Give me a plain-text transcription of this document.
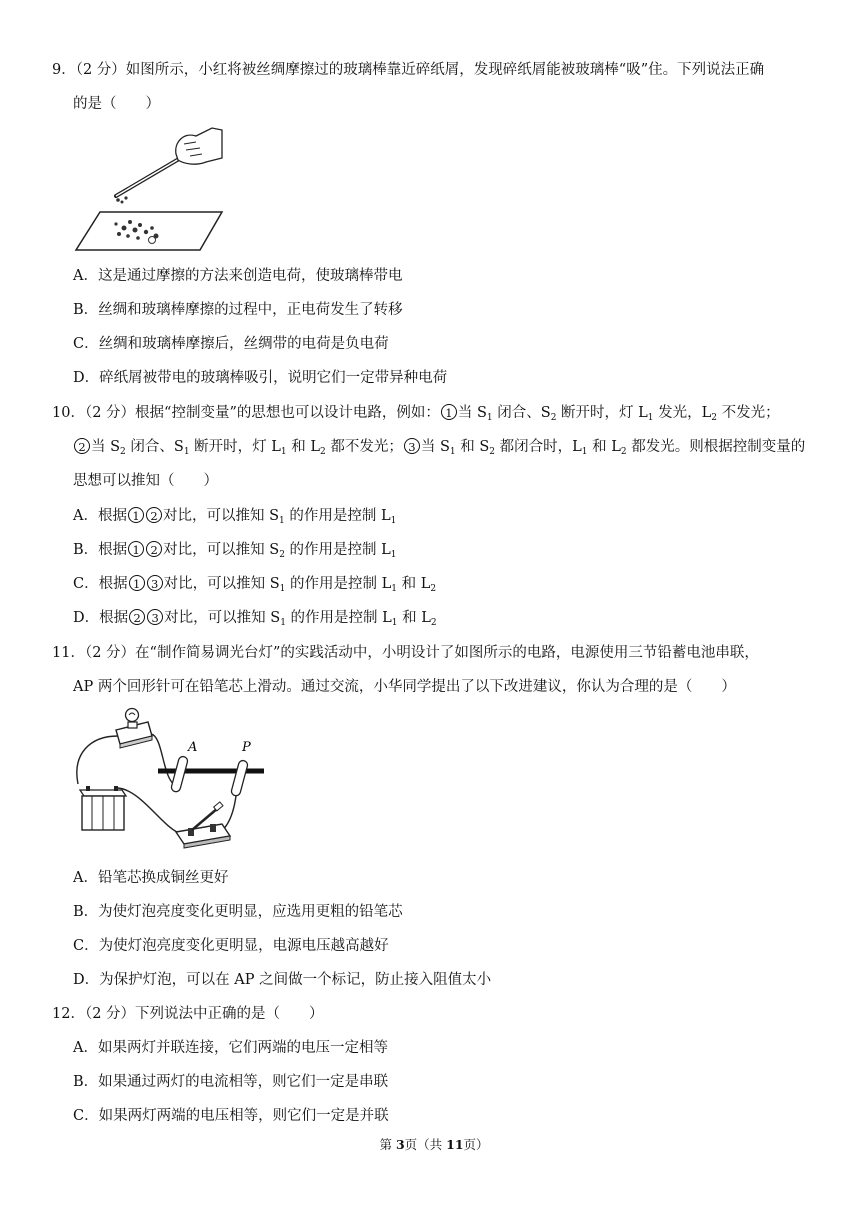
9．（2 分）如图所示，小红将被丝绸摩擦过的玻璃棒靠近碎纸屑，发现碎纸屑能被玻璃棒“吸”住。下列说法正确
的是（　　）
A．这是通过摩擦的方法来创造电荷，使玻璃棒带电
B．丝绸和玻璃棒摩擦的过程中，正电荷发生了转移
C．丝绸和玻璃棒摩擦后，丝绸带的电荷是负电荷
D．碎纸屑被带电的玻璃棒吸引，说明它们一定带异种电荷
10．（2 分）根据“控制变量”的思想也可以设计电路，例如： 1 当 $S_1$ 闭合、$S_2$ 断开时，灯 $L_1$ 发光，$L_2$ 不发光；
2 当 $S_2$ 闭合、$S_1$ 断开时，灯 $L_1$ 和 $L_2$ 都不发光； 3 当 $S_1$ 和 $S_2$ 都闭合时，$L_1$ 和 $L_2$ 都发光。则根据控制变量的
思想可以推知（　　）
A．根据 1 2 对比，可以推知 $S_1$ 的作用是控制 $L_1$
B．根据 1 2 对比，可以推知 $S_2$ 的作用是控制 $L_1$
C．根据 1 3 对比，可以推知 $S_1$ 的作用是控制 $L_1$ 和 $L_2$
D．根据 2 3 对比，可以推知 $S_1$ 的作用是控制 $L_1$ 和 $L_2$
11．（2 分）在“制作简易调光台灯”的实践活动中，小明设计了如图所示的电路，电源使用三节铅蓄电池串联，
AP 两个回形针可在铅笔芯上滑动。通过交流，小华同学提出了以下改进建议，你认为合理的是（　　）
A	P
A．铅笔芯换成铜丝更好
B．为使灯泡亮度变化更明显，应选用更粗的铅笔芯
C．为使灯泡亮度变化更明显，电源电压越高越好
D．为保护灯泡，可以在 AP 之间做一个标记，防止接入阻值太小
12．（2 分）下列说法中正确的是（　　）
A．如果两灯并联连接，它们两端的电压一定相等
B．如果通过两灯的电流相等，则它们一定是串联
C．如果两灯两端的电压相等，则它们一定是并联
第 3页（共 11页）
